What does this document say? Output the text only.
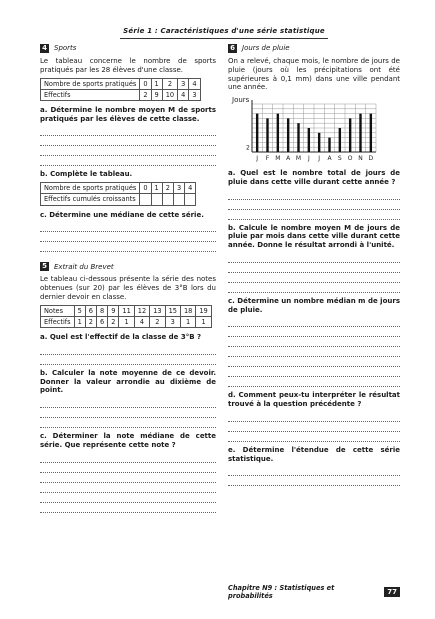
Série 1 : Caractéristiques d'une série statistique
4 Sports

Le tableau concerne le nombre de sports pratiqués par les 28 élèves d'une classe.

Nombre de sports pratiqués	0	1	2	3	4
Effectifs	2	9	10	4	3

a. Détermine le nombre moyen M de sports pratiqués par les élèves de cette classe.

b. Complète le tableau.

Nombre de sports pratiqués	0	1	2	3	4
Effectifs cumulés croissants					

c. Détermine une médiane de cette série.

5 Extrait du Brevet

Le tableau ci-dessous présente la série des notes obtenues (sur 20) par les élèves de 3°B lors du dernier devoir en classe.

Notes	5	6	8	9	11	12	13	15	18	19
Effectifs	1	2	6	2	1	4	2	3	1	1

a. Quel est l'effectif de la classe de 3°B ?

b. Calculer la note moyenne de ce devoir. Donner la valeur arrondie au dixième de point.

c. Déterminer la note médiane de cette série. Que représente cette note ?

6 Jours de pluie

On a relevé, chaque mois, le nombre de jours de pluie (jours où les précipitations ont été supérieures à 0,1 mm) dans une ville pendant une année.

Jours
2
J F M A M J J A S O N D

a. Quel est le nombre total de jours de pluie dans cette ville durant cette année ?

b. Calcule le nombre moyen M de jours de pluie par mois dans cette ville durant cette année. Donne le résultat arrondi à l'unité.

c. Détermine un nombre médian m de jours de pluie.

d. Comment peux-tu interpréter le résultat trouvé à la question précédente ?

e. Détermine l'étendue de cette série statistique.

Chapitre N9 : Statistiques et probabilités
77
